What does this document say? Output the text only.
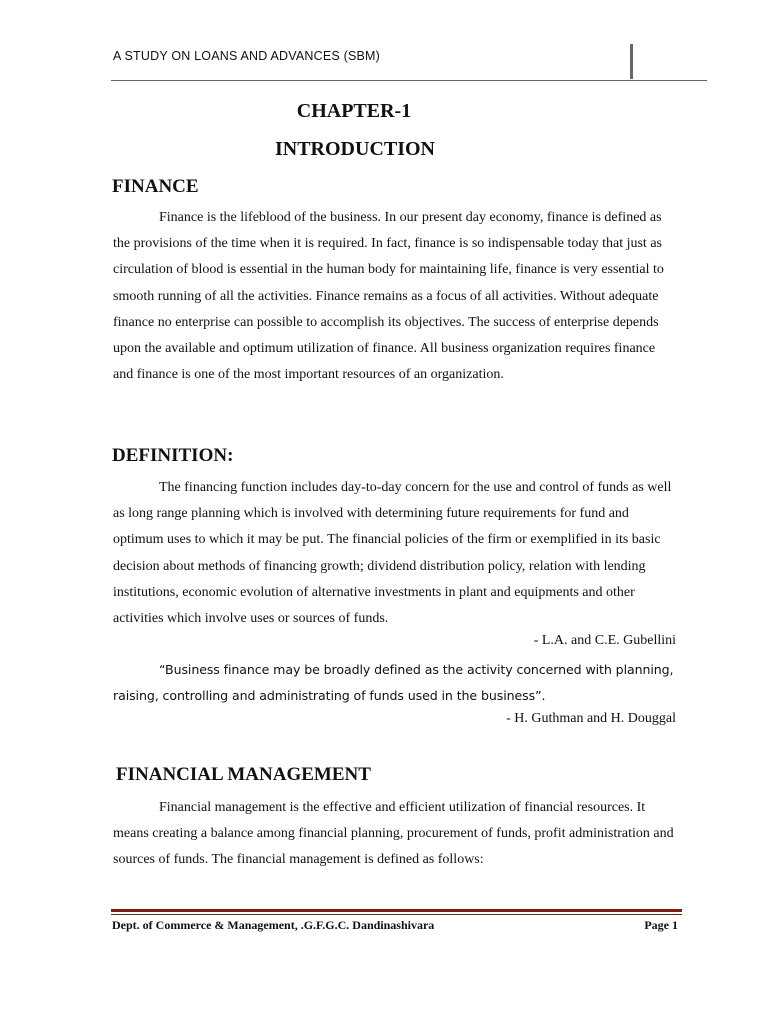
A STUDY ON LOANS AND ADVANCES (SBM)
CHAPTER-1
INTRODUCTION
FINANCE

Finance is the lifeblood of the business. In our present day economy, finance is defined as the provisions of the time when it is required. In fact, finance is so indispensable today that just as circulation of blood is essential in the human body for maintaining life, finance is very essential to smooth running of all the activities. Finance remains as a focus of all activities. Without adequate finance no enterprise can possible to accomplish its objectives. The success of enterprise depends upon the available and optimum utilization of finance. All business organization requires finance and finance is one of the most important resources of an organization.

DEFINITION:

The financing function includes day-to-day concern for the use and control of funds as well as long range planning which is involved with determining future requirements for fund and optimum uses to which it may be put. The financial policies of the firm or exemplified in its basic decision about methods of financing growth; dividend distribution policy, relation with lending institutions, economic evolution of alternative investments in plant and equipments and other activities which involve uses or sources of funds.

- L.A. and C.E. Gubellini

“Business finance may be broadly defined as the activity concerned with planning, raising, controlling and administrating of funds used in the business”.

- H. Guthman and H. Douggal
FINANCIAL MANAGEMENT

Financial management is the effective and efficient utilization of financial resources. It means creating a balance among financial planning, procurement of funds, profit administration and sources of funds. The financial management is defined as follows:

Dept. of Commerce & Management, .G.F.G.C. Dandinashivara	Page 1
